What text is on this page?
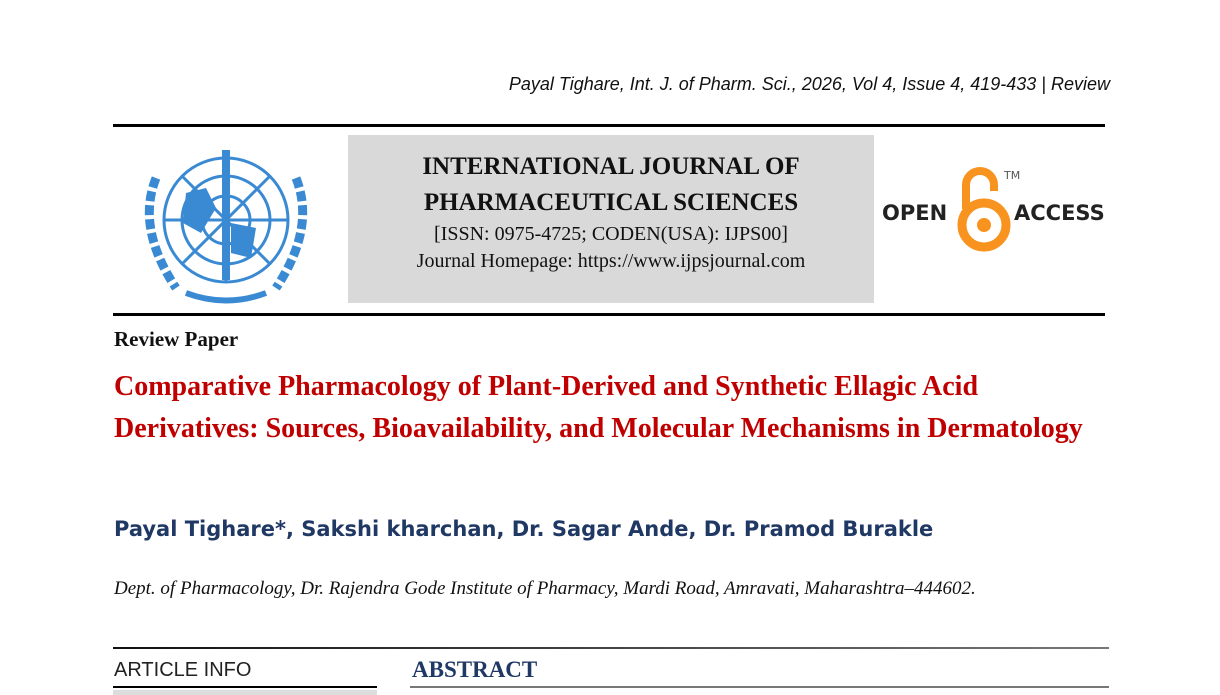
Payal Tighare, Int. J. of Pharm. Sci., 2026, Vol 4, Issue 4, 419-433 | Review
INTERNATIONAL JOURNAL OF
PHARMACEUTICAL SCIENCES
[ISSN: 0975-4725; CODEN(USA): IJPS00]
Journal Homepage: https://www.ijpsjournal.com
OPEN
TM
ACCESS
Review Paper
Comparative Pharmacology of Plant-Derived and Synthetic Ellagic Acid Derivatives: Sources, Bioavailability, and Molecular Mechanisms in Dermatology
Payal Tighare*, Sakshi kharchan, Dr. Sagar Ande, Dr. Pramod Burakle
Dept. of Pharmacology, Dr. Rajendra Gode Institute of Pharmacy, Mardi Road, Amravati, Maharashtra–444602.
ARTICLE INFO	ABSTRACT
